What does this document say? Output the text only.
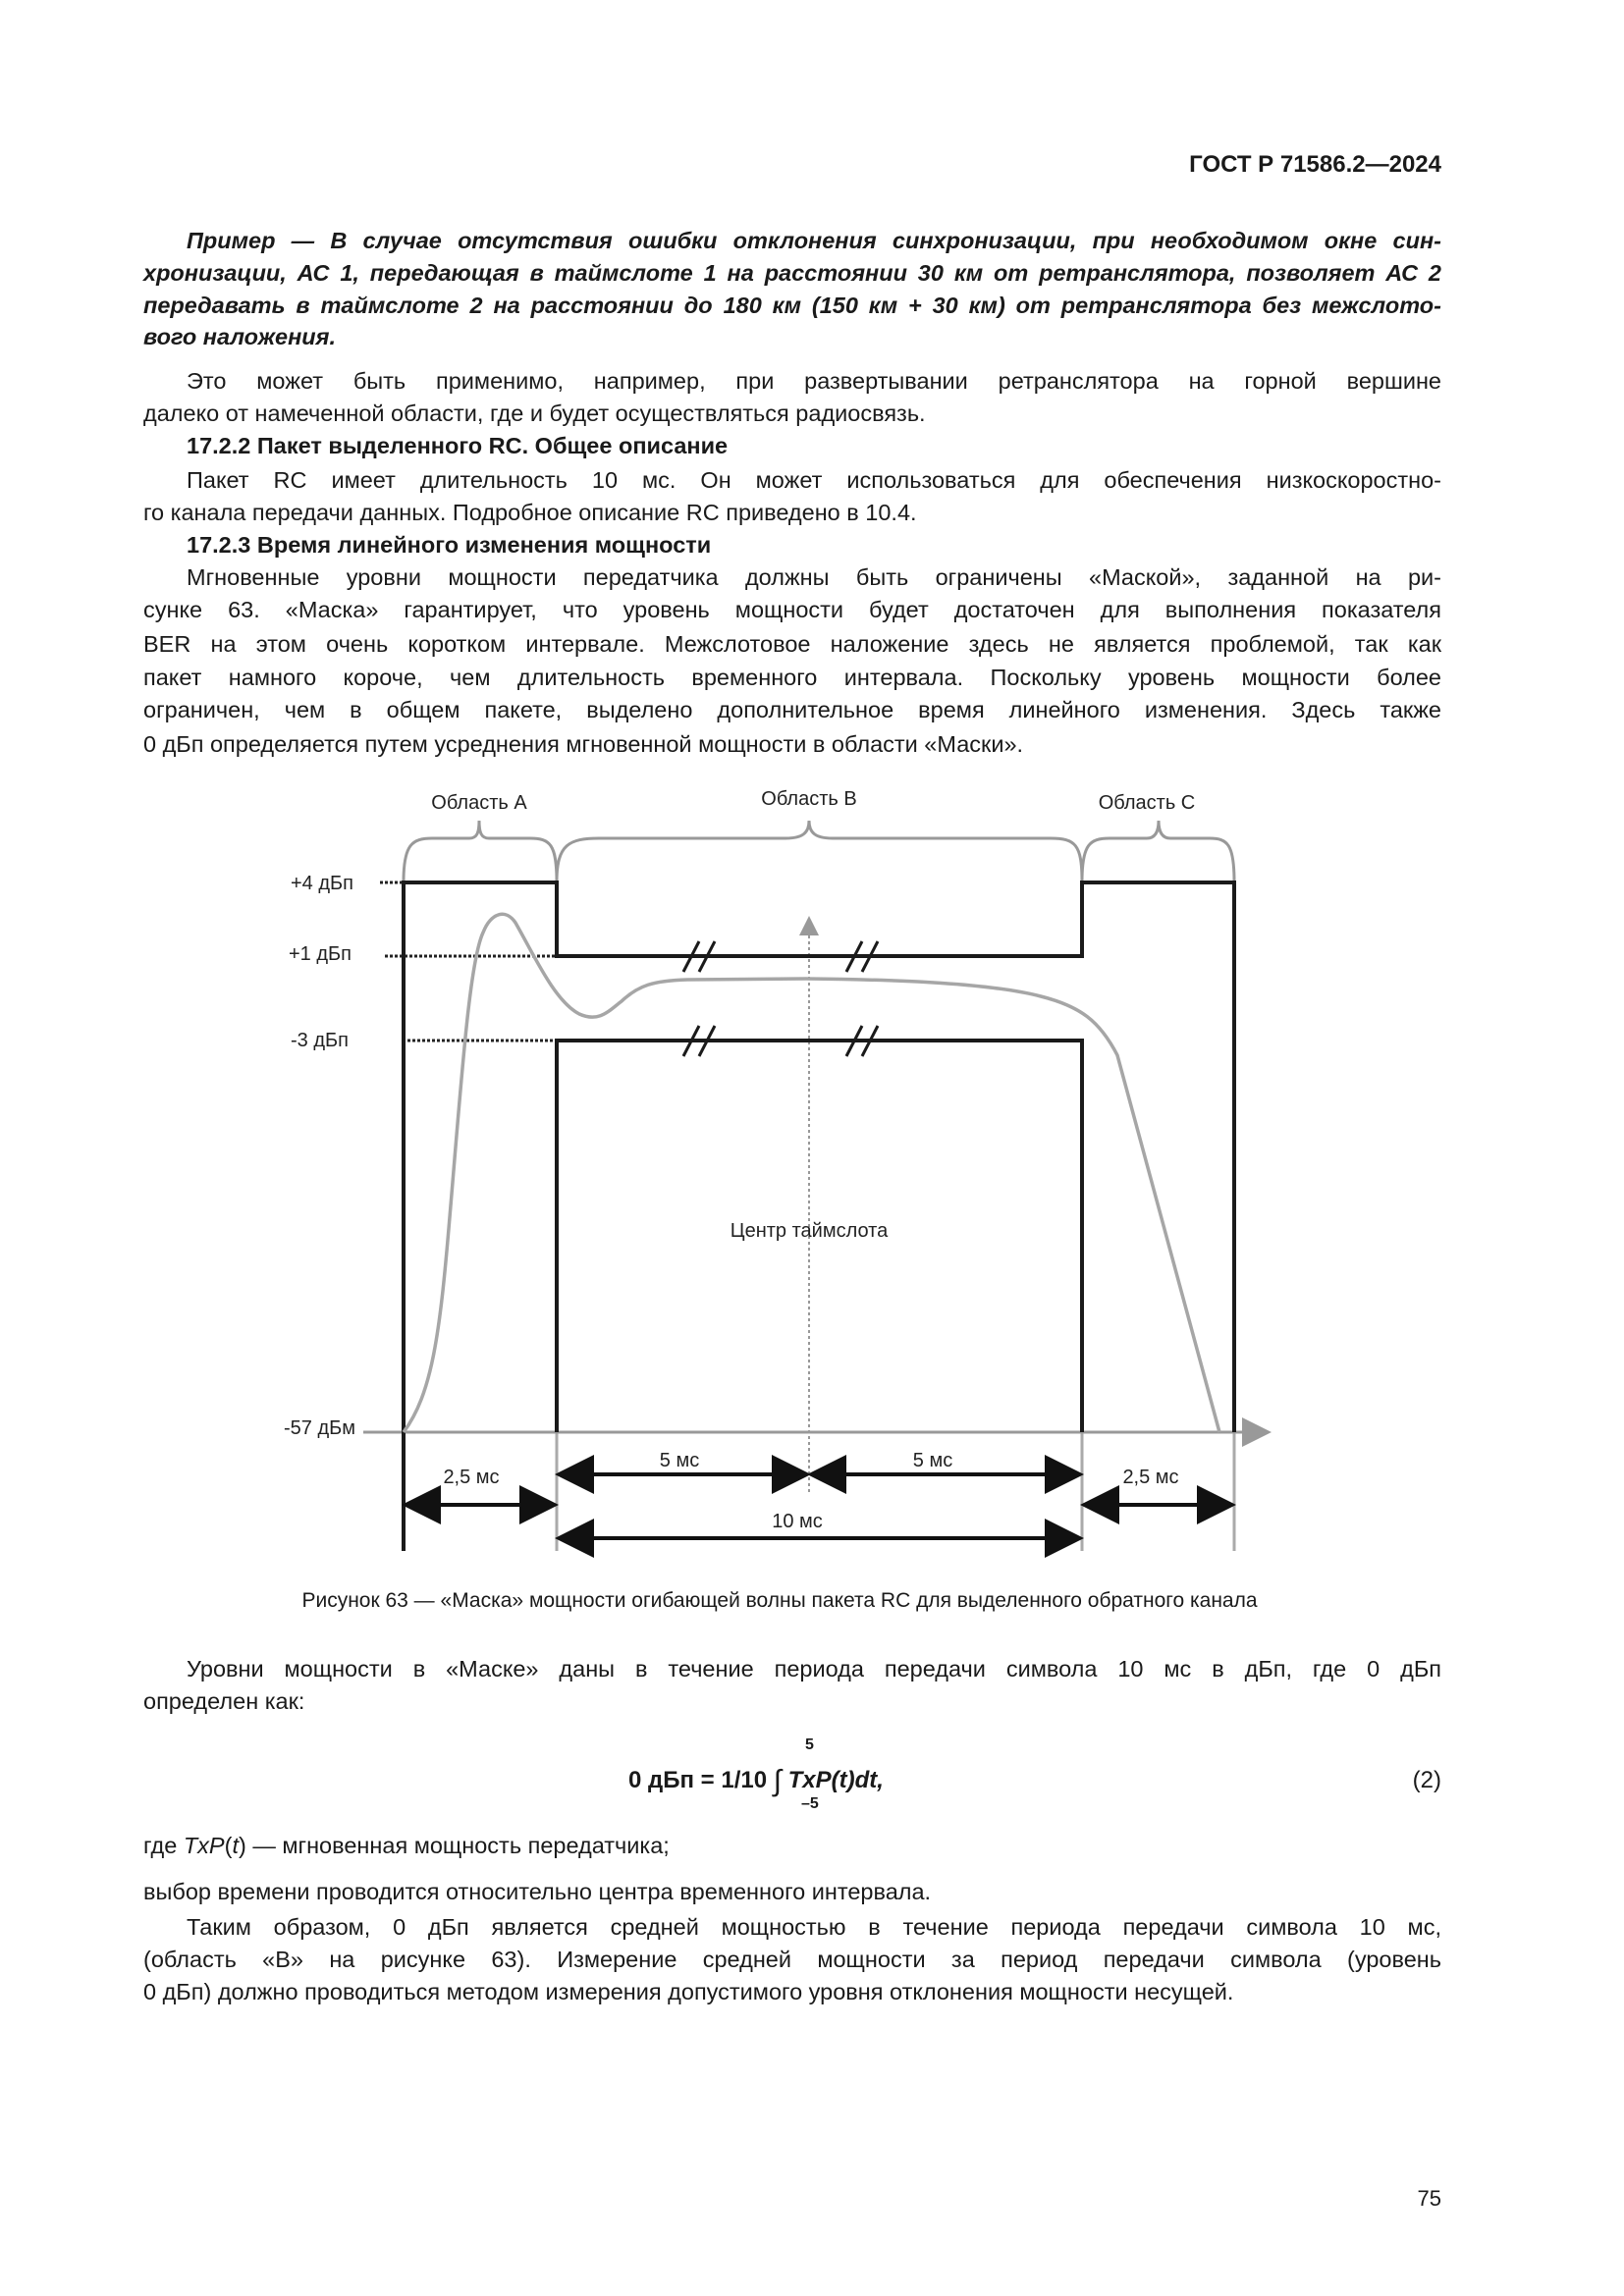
ГОСТ Р 71586.2—2024
Пример — В случае отсутствия ошибки отклонения синхронизации, при необходимом окне син-
хронизации, АС 1, передающая в таймслоте 1 на расстоянии 30 км от ретранслятора, позволяет АС 2
передавать в таймслоте 2 на расстоянии до 180 км (150 км + 30 км) от ретранслятора без межслото-
вого наложения.
Это может быть применимо, например, при развертывании ретранслятора на горной вершине
далеко от намеченной области, где и будет осуществляться радиосвязь.
17.2.2 Пакет выделенного RC. Общее описание
Пакет RC имеет длительность 10 мс. Он может использоваться для обеспечения низкоскоростно-
го канала передачи данных. Подробное описание RC приведено в 10.4.
17.2.3 Время линейного изменения мощности
Мгновенные уровни мощности передатчика должны быть ограничены «Маской», заданной на ри-
сунке 63. «Маска» гарантирует, что уровень мощности будет достаточен для выполнения показателя
BER на этом очень коротком интервале. Межслотовое наложение здесь не является проблемой, так как
пакет намного короче, чем длительность временного интервала. Поскольку уровень мощности более
ограничен, чем в общем пакете, выделено дополнительное время линейного изменения. Здесь также
0 дБп определяется путем усреднения мгновенной мощности в области «Маски».
Область А	Область В	Область С
+4 дБп
+1 дБп
-3 дБп
-57 дБм
Центр таймслота
5 мс	5 мс
2,5 мс	2,5 мс
10 мс
Рисунок 63 — «Маска» мощности огибающей волны пакета RC для выделенного обратного канала
Уровни мощности в «Маске» даны в течение периода передачи символа 10 мс в дБп, где 0 дБп
определен как:
0 дБп = 1/10 ∫
5
–5
TxP(t)dt,	(2)
где TxP(t) — мгновенная мощность передатчика;
выбор времени проводится относительно центра временного интервала.
Таким образом, 0 дБп является средней мощностью в течение периода передачи символа 10 мс,
(область «В» на рисунке 63). Измерение средней мощности за период передачи символа (уровень
0 дБп) должно проводиться методом измерения допустимого уровня отклонения мощности несущей.
75
